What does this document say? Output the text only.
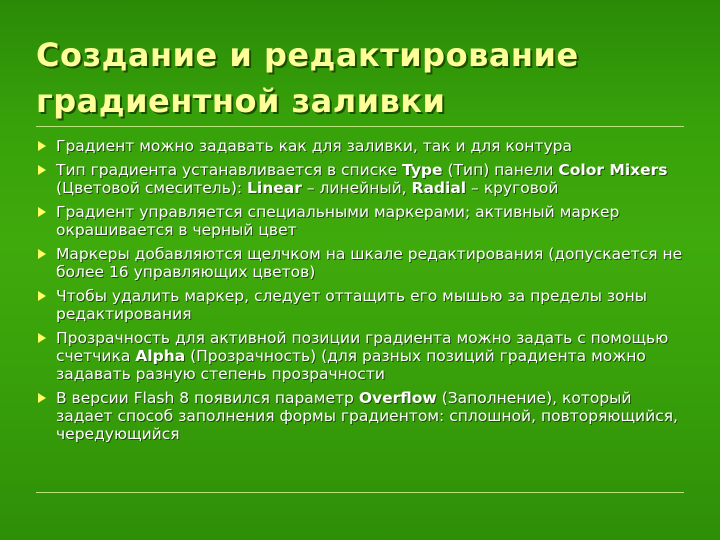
Создание и редактирование
градиентной заливки
Градиент можно задавать как для заливки, так и для контура
Тип градиента устанавливается в списке Type (Тип) панели Color Mixers (Цветовой смеситель): Linear – линейный, Radial – круговой
Градиент управляется специальными маркерами; активный маркер окрашивается в черный цвет
Маркеры добавляются щелчком на шкале редактирования (допускается не более 16 управляющих цветов)
Чтобы удалить маркер, следует оттащить его мышью за пределы зоны редактирования
Прозрачность для активной позиции градиента можно задать с помощью счетчика Alpha (Прозрачность) (для разных позиций градиента можно задавать разную степень прозрачности
В версии Flash 8 появился параметр Overflow (Заполнение), который задает способ заполнения формы градиентом: сплошной, повторяющийся, чередующийся
